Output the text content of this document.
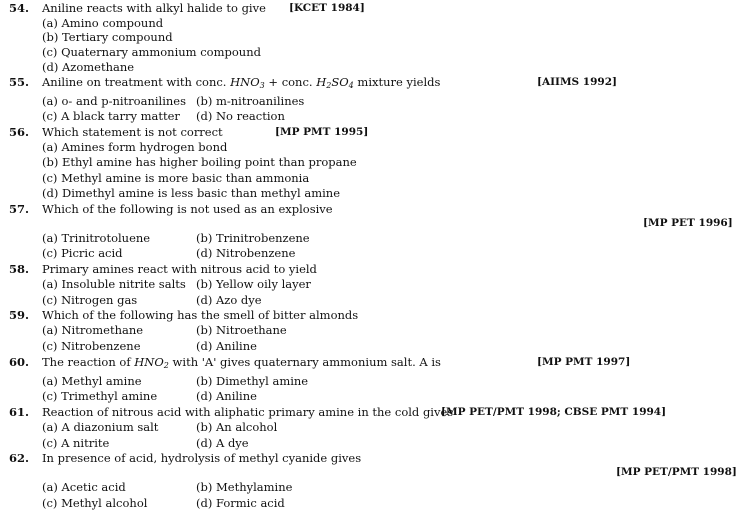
54. Aniline reacts with alkyl halide to give [KCET 1984]
(a) Amino compound
(b) Tertiary compound
(c) Quaternary ammonium compound
(d) Azomethane
55. Aniline on treatment with conc. $HNO_3$ + conc. $H_2SO_4$ mixture yields	[AIIMS 1992]
(a) o- and p-nitroanilines (b) m-nitroanilines
(c) A black tarry matter (d) No reaction
56. Which statement is not correct	[MP PMT 1995]
(a) Amines form hydrogen bond
(b) Ethyl amine has higher boiling point than propane
(c) Methyl amine is more basic than ammonia
(d) Dimethyl amine is less basic than methyl amine
57. Which of the following is not used as an explosive
[MP PET 1996]
(a) Trinitrotoluene	(b) Trinitrobenzene
(c) Picric acid	(d) Nitrobenzene
58. Primary amines react with nitrous acid to yield
(a) Insoluble nitrite salts (b) Yellow oily layer
(c) Nitrogen gas	(d) Azo dye
59. Which of the following has the smell of bitter almonds
(a) Nitromethane	(b) Nitroethane
(c) Nitrobenzene	(d) Aniline
60. The reaction of $HNO_2$ with 'A' gives quaternary ammonium salt. A is	[MP PMT 1997]
(a) Methyl amine	(b) Dimethyl amine
(c) Trimethyl amine	(d) Aniline
61. Reaction of nitrous acid with aliphatic primary amine in the cold gives
[MP PET/PMT 1998; CBSE PMT 1994]
(a) A diazonium salt	(b) An alcohol
(c) A nitrite	(d) A dye
62. In presence of acid, hydrolysis of methyl cyanide gives
[MP PET/PMT 1998]
(a) Acetic acid	(b) Methylamine
(c) Methyl alcohol	(d) Formic acid
